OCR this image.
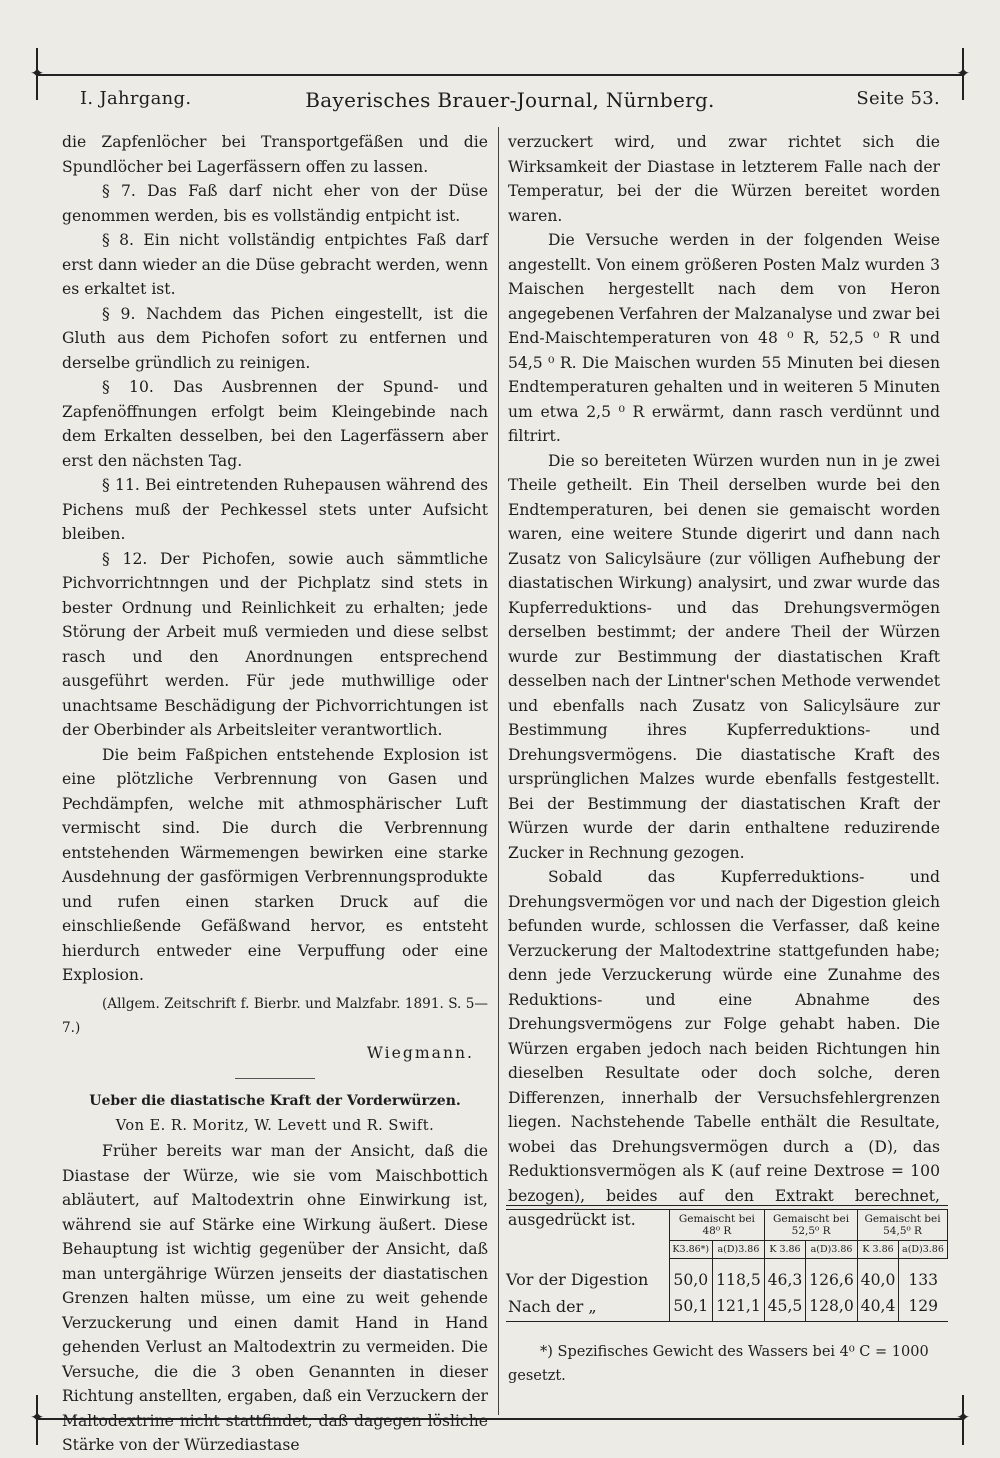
✦	✦
✦	✦
I. Jahrgang.	Bayerisches Brauer-Journal, Nürnberg.	Seite 53.

die Zapfenlöcher bei Transportgefäßen und die Spundlöcher bei Lagerfässern offen zu lassen.

§ 7. Das Faß darf nicht eher von der Düse genommen werden, bis es vollständig entpicht ist.

§ 8. Ein nicht vollständig entpichtes Faß darf erst dann wieder an die Düse gebracht werden, wenn es erkaltet ist.

§ 9. Nachdem das Pichen eingestellt, ist die Gluth aus dem Pichofen sofort zu entfernen und derselbe gründlich zu reinigen.

§ 10. Das Ausbrennen der Spund- und Zapfenöffnungen erfolgt beim Kleingebinde nach dem Erkalten desselben, bei den Lagerfässern aber erst den nächsten Tag.

§ 11. Bei eintretenden Ruhepausen während des Pichens muß der Pechkessel stets unter Aufsicht bleiben.

§ 12. Der Pichofen, sowie auch sämmtliche Pichvorrichtnngen und der Pichplatz sind stets in bester Ordnung und Reinlichkeit zu erhalten; jede Störung der Arbeit muß vermieden und diese selbst rasch und den Anordnungen entsprechend ausgeführt werden. Für jede muthwillige oder unachtsame Beschädigung der Pichvorrichtungen ist der Oberbinder als Arbeitsleiter verantwortlich.

Die beim Faßpichen entstehende Explosion ist eine plötzliche Verbrennung von Gasen und Pechdämpfen, welche mit athmosphärischer Luft vermischt sind. Die durch die Verbrennung entstehenden Wärmemengen bewirken eine starke Ausdehnung der gasförmigen Verbrennungsprodukte und rufen einen starken Druck auf die einschließende Gefäßwand hervor, es entsteht hierdurch entweder eine Verpuffung oder eine Explosion.

(Allgem. Zeitschrift f. Bierbr. und Malzfabr. 1891. S. 5—7.)

Wiegmann.

Ueber die diastatische Kraft der Vorderwürzen.

Von E. R. Moritz, W. Levett und R. Swift.

Früher bereits war man der Ansicht, daß die Diastase der Würze, wie sie vom Maischbottich abläutert, auf Maltodextrin ohne Einwirkung ist, während sie auf Stärke eine Wirkung äußert. Diese Behauptung ist wichtig gegenüber der Ansicht, daß man untergährige Würzen jenseits der diastatischen Grenzen halten müsse, um eine zu weit gehende Verzuckerung und einen damit Hand in Hand gehenden Verlust an Maltodextrin zu vermeiden. Die Versuche, die die 3 oben Genannten in dieser Richtung anstellten, ergaben, daß ein Verzuckern der Maltodextrine nicht stattfindet, daß dagegen lösliche Stärke von der Würzediastase

verzuckert wird, und zwar richtet sich die Wirksamkeit der Diastase in letzterem Falle nach der Temperatur, bei der die Würzen bereitet worden waren.

Die Versuche werden in der folgenden Weise angestellt. Von einem größeren Posten Malz wurden 3 Maischen hergestellt nach dem von Heron angegebenen Verfahren der Malzanalyse und zwar bei End-Maischtemperaturen von 48 ⁰ R, 52,5 ⁰ R und 54,5 ⁰ R. Die Maischen wurden 55 Minuten bei diesen Endtemperaturen gehalten und in weiteren 5 Minuten um etwa 2,5 ⁰ R erwärmt, dann rasch verdünnt und filtrirt.

Die so bereiteten Würzen wurden nun in je zwei Theile getheilt. Ein Theil derselben wurde bei den Endtemperaturen, bei denen sie gemaischt worden waren, eine weitere Stunde digerirt und dann nach Zusatz von Salicylsäure (zur völligen Aufhebung der diastatischen Wirkung) analysirt, und zwar wurde das Kupferreduktions- und das Drehungsvermögen derselben bestimmt; der andere Theil der Würzen wurde zur Bestimmung der diastatischen Kraft desselben nach der Lintner'schen Methode verwendet und ebenfalls nach Zusatz von Salicylsäure zur Bestimmung ihres Kupferreduktions- und Drehungsvermögens. Die diastatische Kraft des ursprünglichen Malzes wurde ebenfalls festgestellt. Bei der Bestimmung der diastatischen Kraft der Würzen wurde der darin enthaltene reduzirende Zucker in Rechnung gezogen.

Sobald das Kupferreduktions- und Drehungsvermögen vor und nach der Digestion gleich befunden wurde, schlossen die Verfasser, daß keine Verzuckerung der Maltodextrine stattgefunden habe; denn jede Verzuckerung würde eine Zunahme des Reduktions- und eine Abnahme des Drehungsvermögens zur Folge gehabt haben. Die Würzen ergaben jedoch nach beiden Richtungen hin dieselben Resultate oder doch solche, deren Differenzen, innerhalb der Versuchsfehlergrenzen liegen. Nachstehende Tabelle enthält die Resultate, wobei das Drehungsvermögen durch a (D), das Reduktionsvermögen als K (auf reine Dextrose = 100 bezogen), beides auf den Extrakt berechnet, ausgedrückt ist.

		Gemaischt bei 48⁰ R		Gemaischt bei 52,5⁰ R		Gemaischt bei 54,5⁰ R	
	K3.86*)	a(D)3.86	K 3.86	a(D)3.86	K 3.86	a(D)3.86
Vor der Digestion	50,0	118,5	46,3	126,6	40,0	133
Nach der „	50,1	121,1	45,5	128,0	40,4	129
*) Spezifisches Gewicht des Wassers bei 4⁰ C = 1000
gesetzt.
